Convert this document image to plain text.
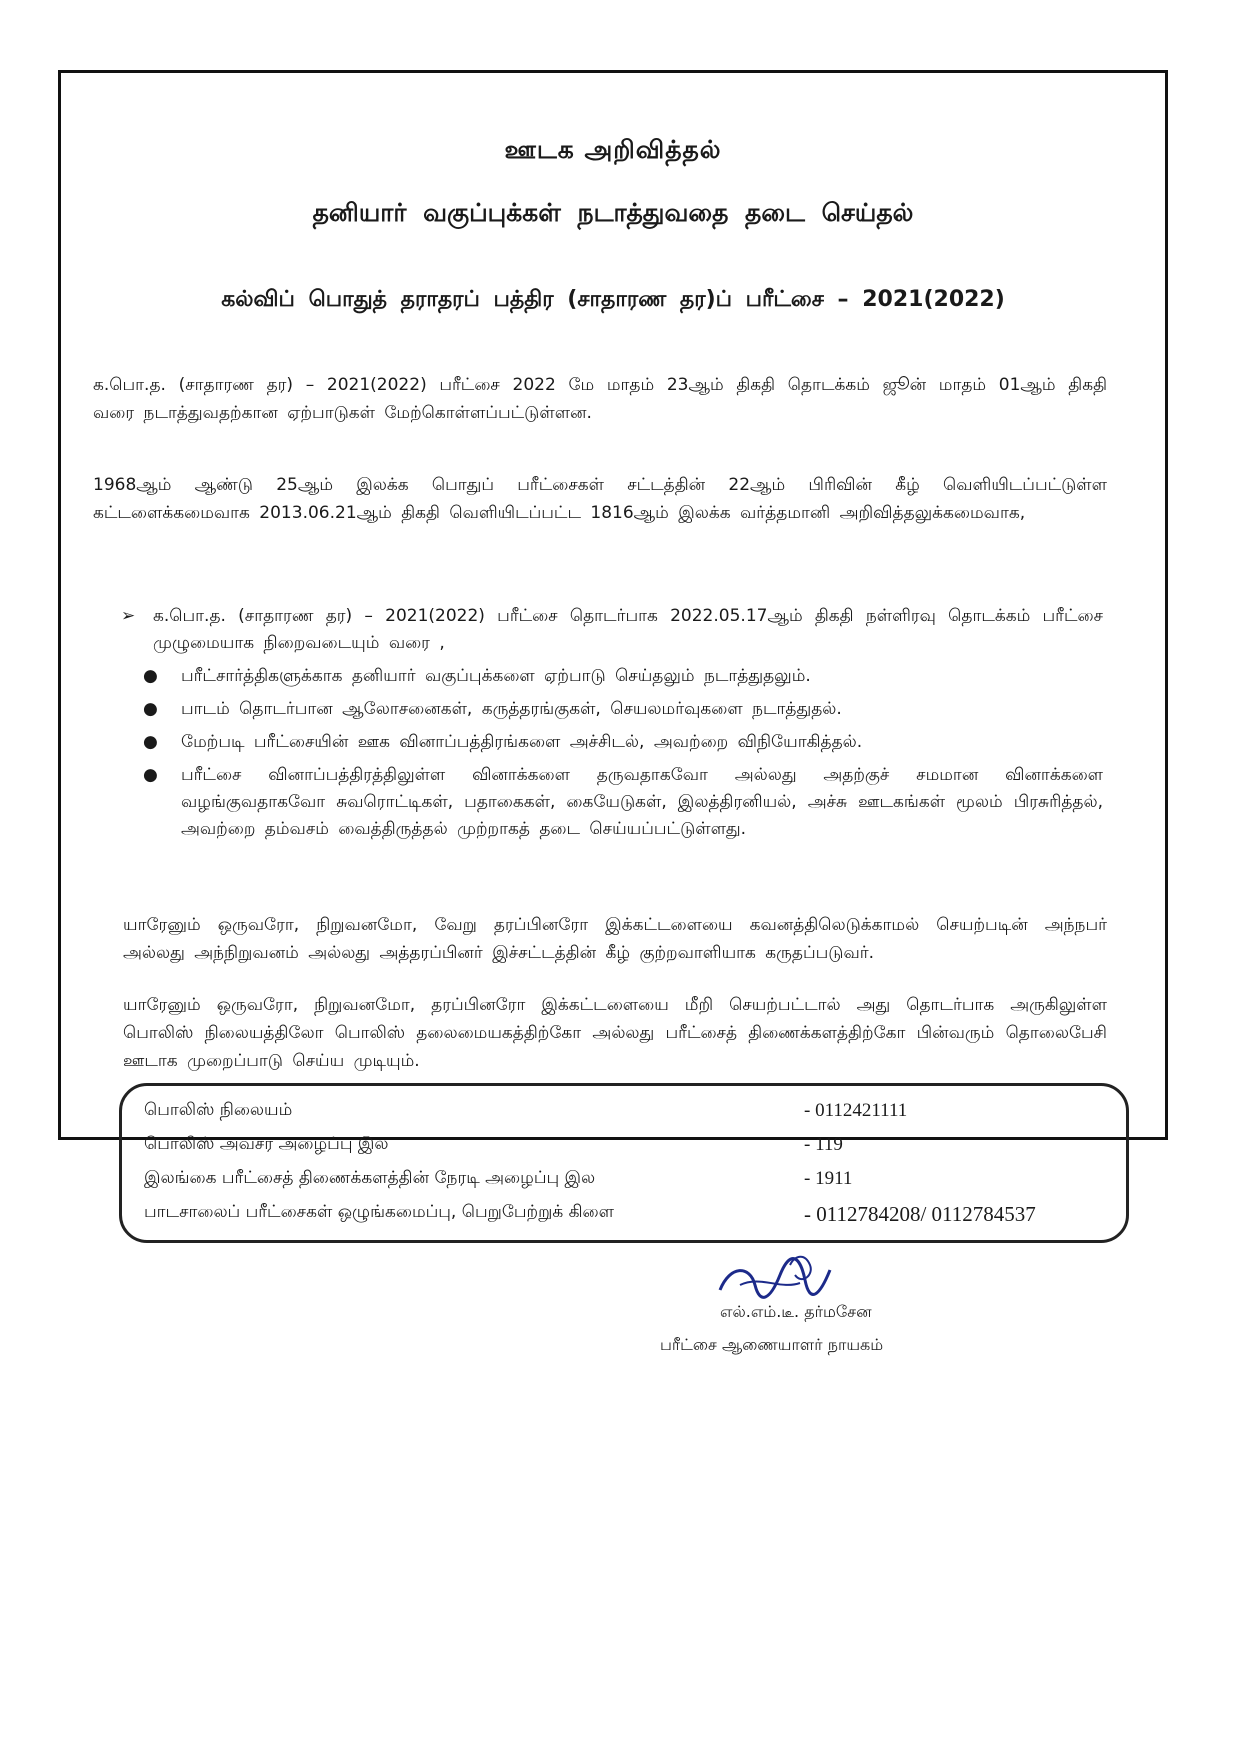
ஊடக அறிவித்தல்
தனியார் வகுப்புக்கள் நடாத்துவதை தடை செய்தல்
கல்விப் பொதுத் தராதரப் பத்திர (சாதாரண தர)ப் பரீட்சை – 2021(2022)
க.பொ.த. (சாதாரண தர) – 2021(2022) பரீட்சை 2022 மே மாதம் 23ஆம் திகதி தொடக்கம் ஜூன் மாதம் 01ஆம் திகதி வரை நடாத்துவதற்கான ஏற்பாடுகள் மேற்கொள்ளப்பட்டுள்ளன.
1968ஆம் ஆண்டு 25ஆம் இலக்க பொதுப் பரீட்சைகள் சட்டத்தின் 22ஆம் பிரிவின் கீழ் வெளியிடப்பட்டுள்ள கட்டளைக்கமைவாக 2013.06.21ஆம் திகதி வெளியிடப்பட்ட 1816ஆம் இலக்க வர்த்தமானி அறிவித்தலுக்கமைவாக,
➢	க.பொ.த. (சாதாரண தர) – 2021(2022) பரீட்சை தொடர்பாக 2022.05.17ஆம் திகதி நள்ளிரவு தொடக்கம் பரீட்சை முழுமையாக நிறைவடையும் வரை ,
●	பரீட்சார்த்திகளுக்காக தனியார் வகுப்புக்களை ஏற்பாடு செய்தலும் நடாத்துதலும்.
●	பாடம் தொடர்பான ஆலோசனைகள், கருத்தரங்குகள், செயலமர்வுகளை நடாத்துதல்.
●	மேற்படி பரீட்சையின் ஊக வினாப்பத்திரங்களை அச்சிடல், அவற்றை விநியோகித்தல்.
●	பரீட்சை வினாப்பத்திரத்திலுள்ள வினாக்களை தருவதாகவோ அல்லது அதற்குச் சமமான வினாக்களை வழங்குவதாகவோ சுவரொட்டிகள், பதாகைகள், கையேடுகள், இலத்திரனியல், அச்சு ஊடகங்கள் மூலம் பிரசுரித்தல், அவற்றை தம்வசம் வைத்திருத்தல் முற்றாகத் தடை செய்யப்பட்டுள்ளது.
யாரேனும் ஒருவரோ, நிறுவனமோ, வேறு தரப்பினரோ இக்கட்டளையை கவனத்திலெடுக்காமல் செயற்படின் அந்நபர் அல்லது அந்நிறுவனம் அல்லது அத்தரப்பினர் இச்சட்டத்தின் கீழ் குற்றவாளியாக கருதப்படுவர்.
யாரேனும் ஒருவரோ, நிறுவனமோ, தரப்பினரோ இக்கட்டளையை மீறி செயற்பட்டால் அது தொடர்பாக அருகிலுள்ள பொலிஸ் நிலையத்திலோ பொலிஸ் தலைமையகத்திற்கோ அல்லது பரீட்சைத் திணைக்களத்திற்கோ பின்வரும் தொலைபேசி ஊடாக முறைப்பாடு செய்ய முடியும்.
பொலிஸ் நிலையம்	- 0112421111
பொலிஸ் அவசர அழைப்பு இல	- 119
இலங்கை பரீட்சைத் திணைக்களத்தின் நேரடி அழைப்பு இல	- 1911
பாடசாலைப் பரீட்சைகள் ஒழுங்கமைப்பு, பெறுபேற்றுக் கிளை	- 0112784208/ 0112784537
எல்.எம்.டீ. தர்மசேன
பரீட்சை ஆணையாளர் நாயகம்
